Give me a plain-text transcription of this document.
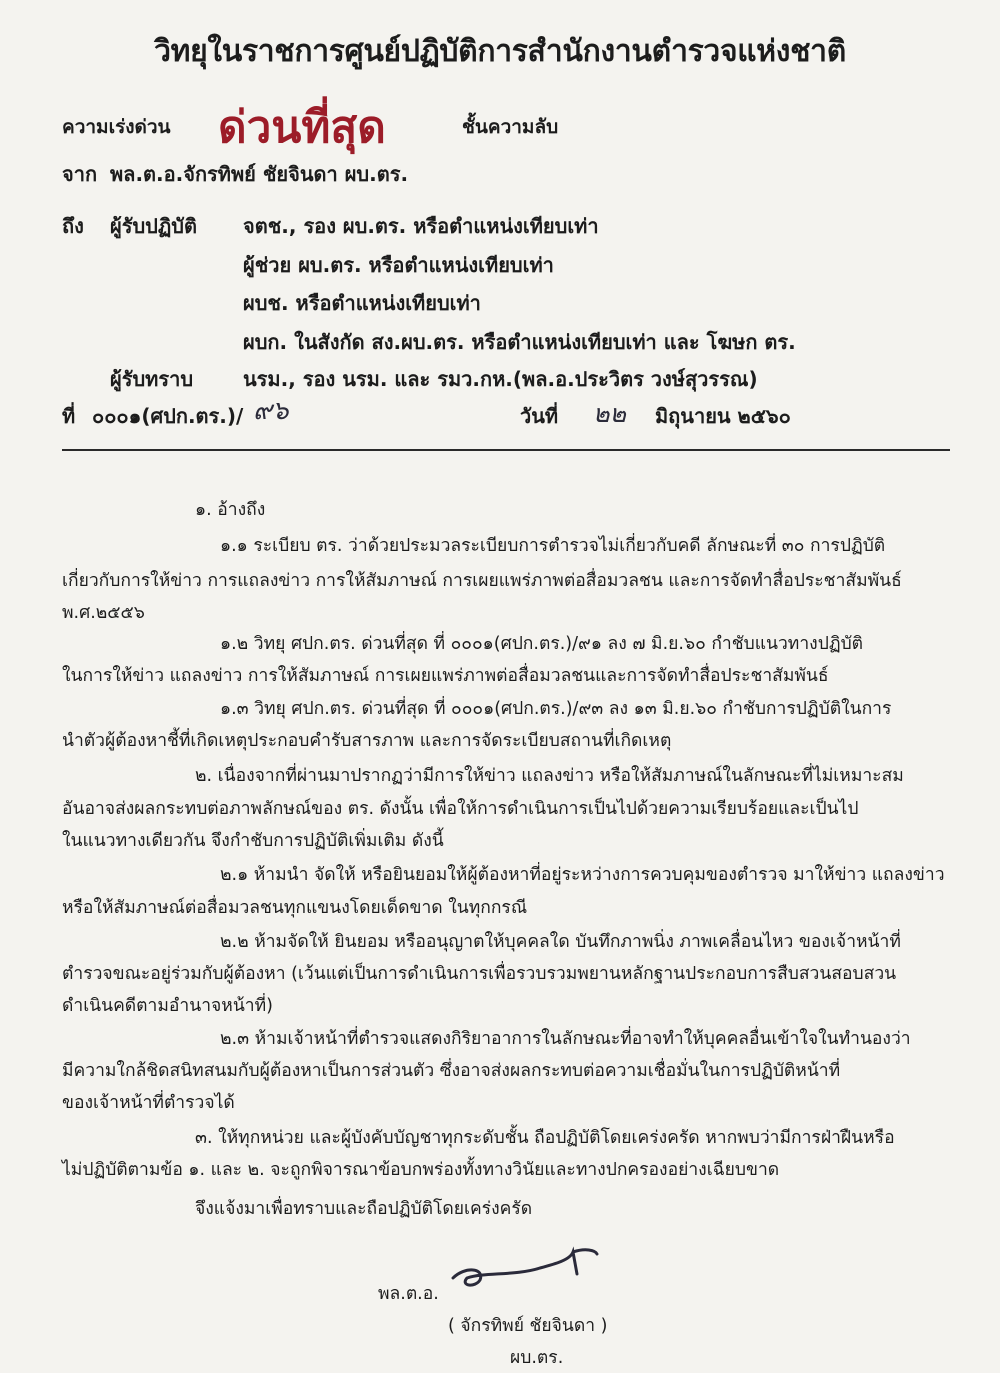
วิทยุในราชการศูนย์ปฏิบัติการสำนักงานตำรวจแห่งชาติ
ความเร่งด่วน ด่วนที่สุด	ชั้นความลับ
จาก พล.ต.อ.จักรทิพย์ ชัยจินดา ผบ.ตร.
ถึง ผู้รับปฏิบัติ จตช., รอง ผบ.ตร. หรือตำแหน่งเทียบเท่า
ผู้ช่วย ผบ.ตร. หรือตำแหน่งเทียบเท่า
ผบช. หรือตำแหน่งเทียบเท่า
ผบก. ในสังกัด สง.ผบ.ตร. หรือตำแหน่งเทียบเท่า และ โฆษก ตร.
ผู้รับทราบ นรม., รอง นรม. และ รมว.กห.(พล.อ.ประวิตร วงษ์สุวรรณ)
ที่ ๐๐๐๑(ศปก.ตร.)/ ๙๖	วันที่ ๒๒ มิถุนายน ๒๕๖๐
๑. อ้างถึง
๑.๑ ระเบียบ ตร. ว่าด้วยประมวลระเบียบการตำรวจไม่เกี่ยวกับคดี ลักษณะที่ ๓๐ การปฏิบัติ
เกี่ยวกับการให้ข่าว การแถลงข่าว การให้สัมภาษณ์ การเผยแพร่ภาพต่อสื่อมวลชน และการจัดทำสื่อประชาสัมพันธ์
พ.ศ.๒๕๕๖
๑.๒ วิทยุ ศปก.ตร. ด่วนที่สุด ที่ ๐๐๐๑(ศปก.ตร.)/๙๑ ลง ๗ มิ.ย.๖๐ กำชับแนวทางปฏิบัติ
ในการให้ข่าว แถลงข่าว การให้สัมภาษณ์ การเผยแพร่ภาพต่อสื่อมวลชนและการจัดทำสื่อประชาสัมพันธ์
๑.๓ วิทยุ ศปก.ตร. ด่วนที่สุด ที่ ๐๐๐๑(ศปก.ตร.)/๙๓ ลง ๑๓ มิ.ย.๖๐ กำชับการปฏิบัติในการ
นำตัวผู้ต้องหาชี้ที่เกิดเหตุประกอบคำรับสารภาพ และการจัดระเบียบสถานที่เกิดเหตุ
๒. เนื่องจากที่ผ่านมาปรากฏว่ามีการให้ข่าว แถลงข่าว หรือให้สัมภาษณ์ในลักษณะที่ไม่เหมาะสม
อันอาจส่งผลกระทบต่อภาพลักษณ์ของ ตร. ดังนั้น เพื่อให้การดำเนินการเป็นไปด้วยความเรียบร้อยและเป็นไป
ในแนวทางเดียวกัน จึงกำชับการปฏิบัติเพิ่มเติม ดังนี้
๒.๑ ห้ามนำ จัดให้ หรือยินยอมให้ผู้ต้องหาที่อยู่ระหว่างการควบคุมของตำรวจ มาให้ข่าว แถลงข่าว
หรือให้สัมภาษณ์ต่อสื่อมวลชนทุกแขนงโดยเด็ดขาด ในทุกกรณี
๒.๒ ห้ามจัดให้ ยินยอม หรืออนุญาตให้บุคคลใด บันทึกภาพนิ่ง ภาพเคลื่อนไหว ของเจ้าหน้าที่
ตำรวจขณะอยู่ร่วมกับผู้ต้องหา (เว้นแต่เป็นการดำเนินการเพื่อรวบรวมพยานหลักฐานประกอบการสืบสวนสอบสวน
ดำเนินคดีตามอำนาจหน้าที่)
๒.๓ ห้ามเจ้าหน้าที่ตำรวจแสดงกิริยาอาการในลักษณะที่อาจทำให้บุคคลอื่นเข้าใจในทำนองว่า
มีความใกล้ชิดสนิทสนมกับผู้ต้องหาเป็นการส่วนตัว ซึ่งอาจส่งผลกระทบต่อความเชื่อมั่นในการปฏิบัติหน้าที่
ของเจ้าหน้าที่ตำรวจได้
๓. ให้ทุกหน่วย และผู้บังคับบัญชาทุกระดับชั้น ถือปฏิบัติโดยเคร่งครัด หากพบว่ามีการฝ่าฝืนหรือ
ไม่ปฏิบัติตามข้อ ๑. และ ๒. จะถูกพิจารณาข้อบกพร่องทั้งทางวินัยและทางปกครองอย่างเฉียบขาด
จึงแจ้งมาเพื่อทราบและถือปฏิบัติโดยเคร่งครัด
พล.ต.อ.
( จักรทิพย์ ชัยจินดา )
ผบ.ตร.
